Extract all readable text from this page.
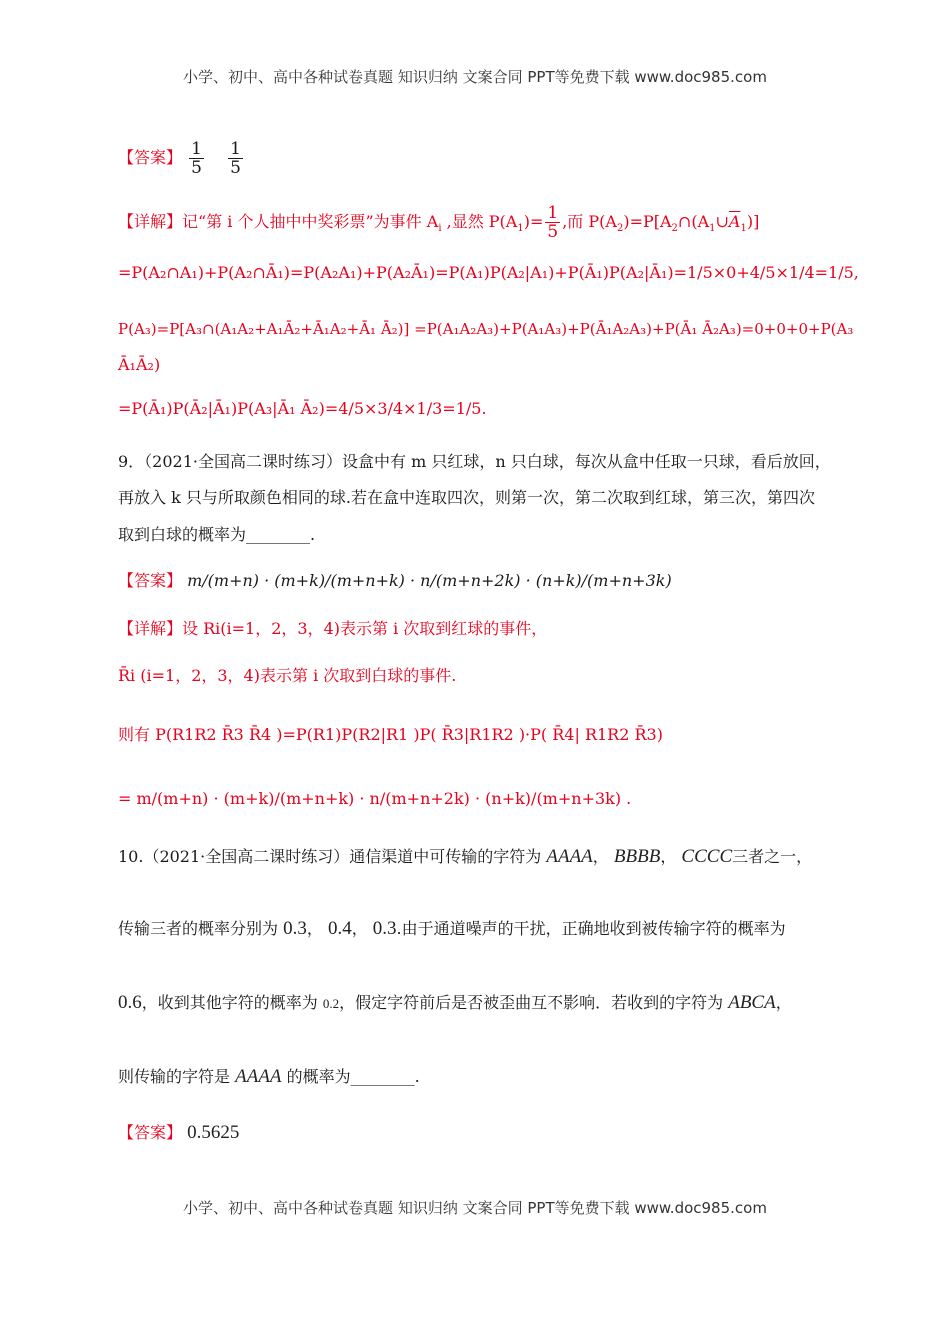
小学、初中、高中各种试卷真题 知识归纳 文案合同 PPT等免费下载 www.doc985.com
【答案】 $\frac{1}{5}$
$\frac{1}{5}$
【详解】记“第 i 个人抽中中奖彩票”为事件 $A_i$ ,显然 $P(A_1)= \frac{1}{5}$ ,而 $P(A_2)=P[A_2\cap(A_1\cup\overline{A}_1)]$
=P(A₂∩A₁)+P(A₂∩Ā₁)=P(A₂A₁)+P(A₂Ā₁)=P(A₁)P(A₂|A₁)+P(Ā₁)P(A₂|Ā₁)=1/5×0+4/5×1/4=1/5,
P(A₃)=P[A₃∩(A₁A₂+A₁Ā₂+Ā₁A₂+Ā₁ Ā₂)] =P(A₁A₂A₃)+P(A₁A₃)+P(Ā₁A₂A₃)+P(Ā₁ Ā₂A₃)=0+0+0+P(A₃
Ā₁Ā₂)
=P(Ā₁)P(Ā₂|Ā₁)P(A₃|Ā₁ Ā₂)=4/5×3/4×1/3=1/5.
9．（2021·全国高二课时练习）设盒中有 m 只红球，n 只白球，每次从盒中任取一只球，看后放回，
再放入 k 只与所取颜色相同的球.若在盒中连取四次，则第一次，第二次取到红球，第三次，第四次
取到白球的概率为________.
【答案】 m/(m+n) · (m+k)/(m+n+k) · n/(m+n+2k) · (n+k)/(m+n+3k)
【详解】设 Ri(i=1，2，3，4)表示第 i 次取到红球的事件，
R̄i (i=1，2，3，4)表示第 i 次取到白球的事件.
则有 P(R1R2 R̄3 R̄4 )=P(R1)P(R2|R1 )P( R̄3|R1R2 )·P( R̄4| R1R2 R̄3)
= m/(m+n) · (m+k)/(m+n+k) · n/(m+n+2k) · (n+k)/(m+n+3k) .
10.（2021·全国高二课时练习）通信渠道中可传输的字符为 AAAA， BBBB， CCCC三者之一，
传输三者的概率分别为 0.3， 0.4， 0.3.由于通道噪声的干扰，正确地收到被传输字符的概率为
0.6，收到其他字符的概率为 0.2，假定字符前后是否被歪曲互不影响．若收到的字符为 ABCA，
则传输的字符是 AAAA 的概率为________.
【答案】 0.5625
小学、初中、高中各种试卷真题 知识归纳 文案合同 PPT等免费下载 www.doc985.com
